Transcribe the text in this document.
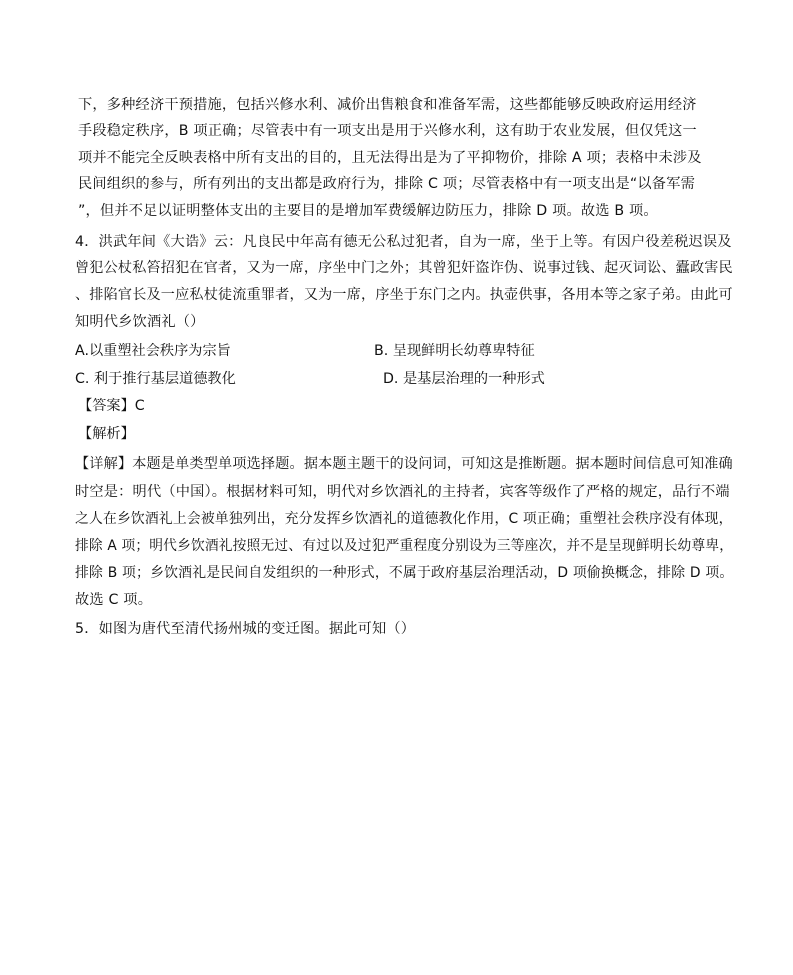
下，多种经济干预措施，包括兴修水利、减价出售粮食和准备军需，这些都能够反映政府运用经济
手段稳定秩序，B 项正确；尽管表中有一项支出是用于兴修水利，这有助于农业发展，但仅凭这一
项并不能完全反映表格中所有支出的目的，且无法得出是为了平抑物价，排除 A 项；表格中未涉及
民间组织的参与，所有列出的支出都是政府行为，排除 C 项；尽管表格中有一项支出是“以备军需
”，但并不足以证明整体支出的主要目的是增加军费缓解边防压力，排除 D 项。故选 B 项。
4．洪武年间《大诰》云：凡良民中年高有德无公私过犯者，自为一席，坐于上等。有因户役差税迟误及
曾犯公杖私笞招犯在官者，又为一席，序坐中门之外；其曾犯奸盗诈伪、说事过钱、起灭词讼、蠹政害民
、排陷官长及一应私杖徒流重罪者，又为一席，序坐于东门之内。执壶供事，各用本等之家子弟。由此可
知明代乡饮酒礼（）
A.以重塑社会秩序为宗旨	B. 呈现鲜明长幼尊卑特征
C. 利于推行基层道德教化	D. 是基层治理的一种形式
【答案】C
【解析】
【详解】本题是单类型单项选择题。据本题主题干的设问词，可知这是推断题。据本题时间信息可知准确
时空是：明代（中国）。根据材料可知，明代对乡饮酒礼的主持者，宾客等级作了严格的规定，品行不端
之人在乡饮酒礼上会被单独列出，充分发挥乡饮酒礼的道德教化作用，C 项正确；重塑社会秩序没有体现，
排除 A 项；明代乡饮酒礼按照无过、有过以及过犯严重程度分别设为三等座次，并不是呈现鲜明长幼尊卑，
排除 B 项；乡饮酒礼是民间自发组织的一种形式，不属于政府基层治理活动，D 项偷换概念，排除 D 项。
故选 C 项。
5．如图为唐代至清代扬州城的变迁图。据此可知（）
